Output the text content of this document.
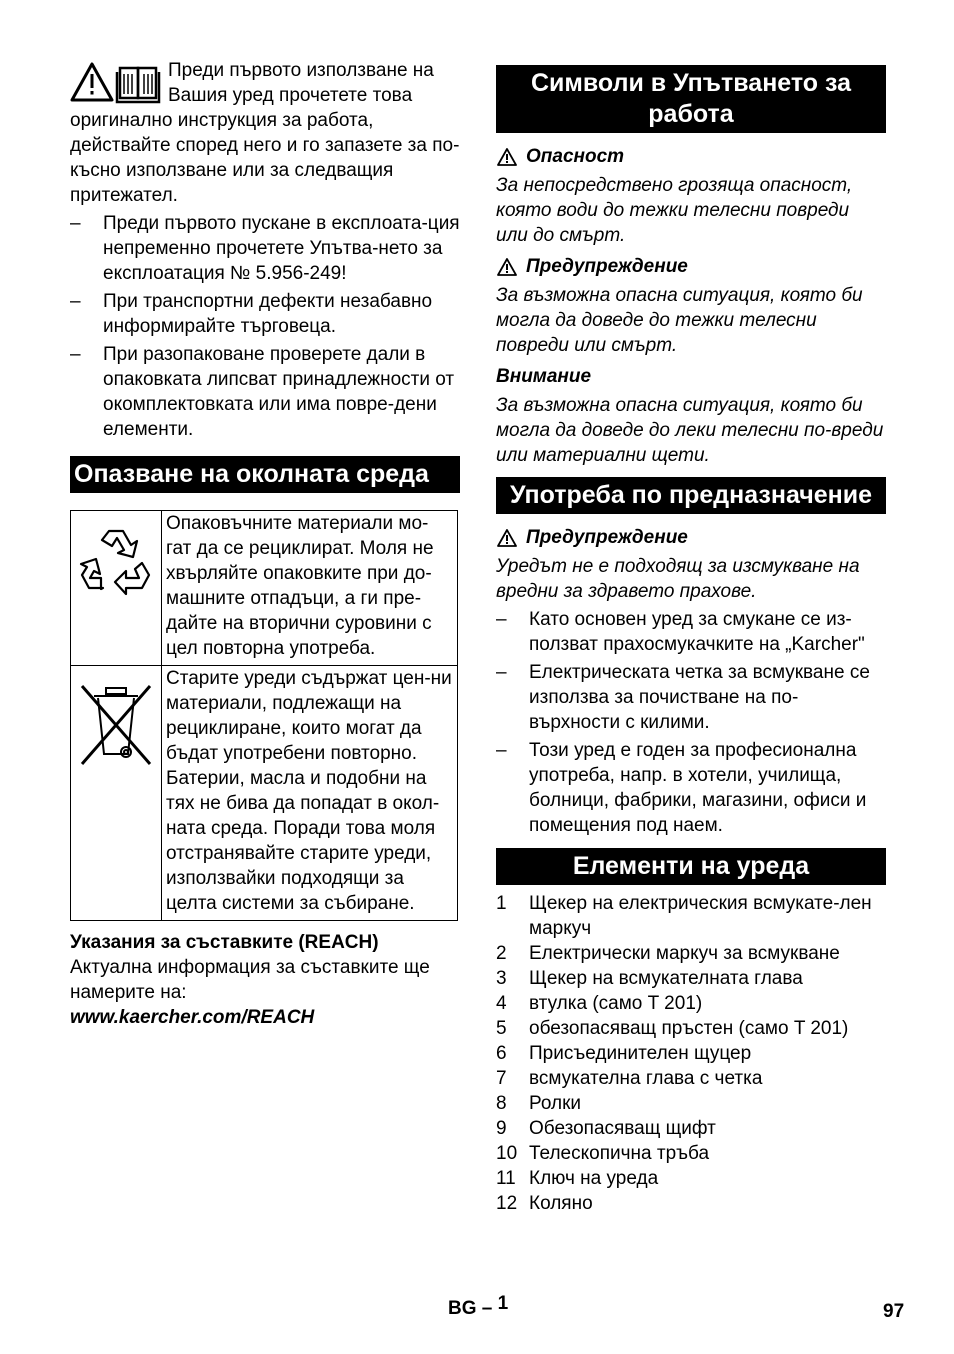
Преди първото използване на Вашия уред прочетете това оригинално инструкция за работа, действайте според него и го запазете за по-късно използване или за следващия притежател.

– Преди първото пускане в експлоата-ция непременно прочетете Упътва-нето за експлоатация № 5.956-249!
– При транспортни дефекти незабавно информирайте търговеца.
– При разопаковане проверете дали в опаковката липсват принадлежности от окомплектовката или има повре-дени елементи.
Опазване на околната среда
	Опаковъчните материали мо-гат да се рециклират. Моля не хвърляйте опаковките при до-машните отпадъци, а ги пре-дайте на вторични суровини с цел повторна употреба.
	Старите уреди съдържат цен-ни материали, подлежащи на рециклиране, които могат да бъдат употребени повторно. Батерии, масла и подобни на тях не бива да попадат в окол-ната среда. Поради това моля отстранявайте старите уреди, използвайки подходящи за целта системи за събиране.

Указания за съставките (REACH)

Актуална информация за съставките ще намерите на:

www.kaercher.com/REACH

Символи в Упътването за работа
Опасност

За непосредствено грозяща опасност, която води до тежки телесни повреди или до смърт.

Предупреждение

За възможна опасна ситуация, която би могла да доведе до тежки телесни повреди или смърт.

Внимание

За възможна опасна ситуация, която би могла да доведе до леки телесни по-вреди или материални щети.

Употреба по предназначение
Предупреждение

Уредът не е подходящ за изсмукване на вредни за здравето прахове.

– Като основен уред за смукане се из-ползват прахосмукачките на „Karcher"
– Електрическата четка за всмукване се използва за почистване на по-върхности с килими.
– Този уред е годен за професионална употреба, напр. в хотели, училища, болници, фабрики, магазини, офиси и помещения под наем.
Елементи на уреда
1 Щекер на електрическия всмукате-лен маркуч
2 Електрически маркуч за всмукване
3 Щекер на всмукателната глава
4 втулка (само T 201)
5 обезопасяващ пръстен (само T 201)
6 Присъединителен щуцер
7 всмукателна глава с четка
8 Ролки
9 Обезопасяващ щифт
10 Телескопична тръба
11 Ключ на уреда
12 Коляно
BG – 1	97
